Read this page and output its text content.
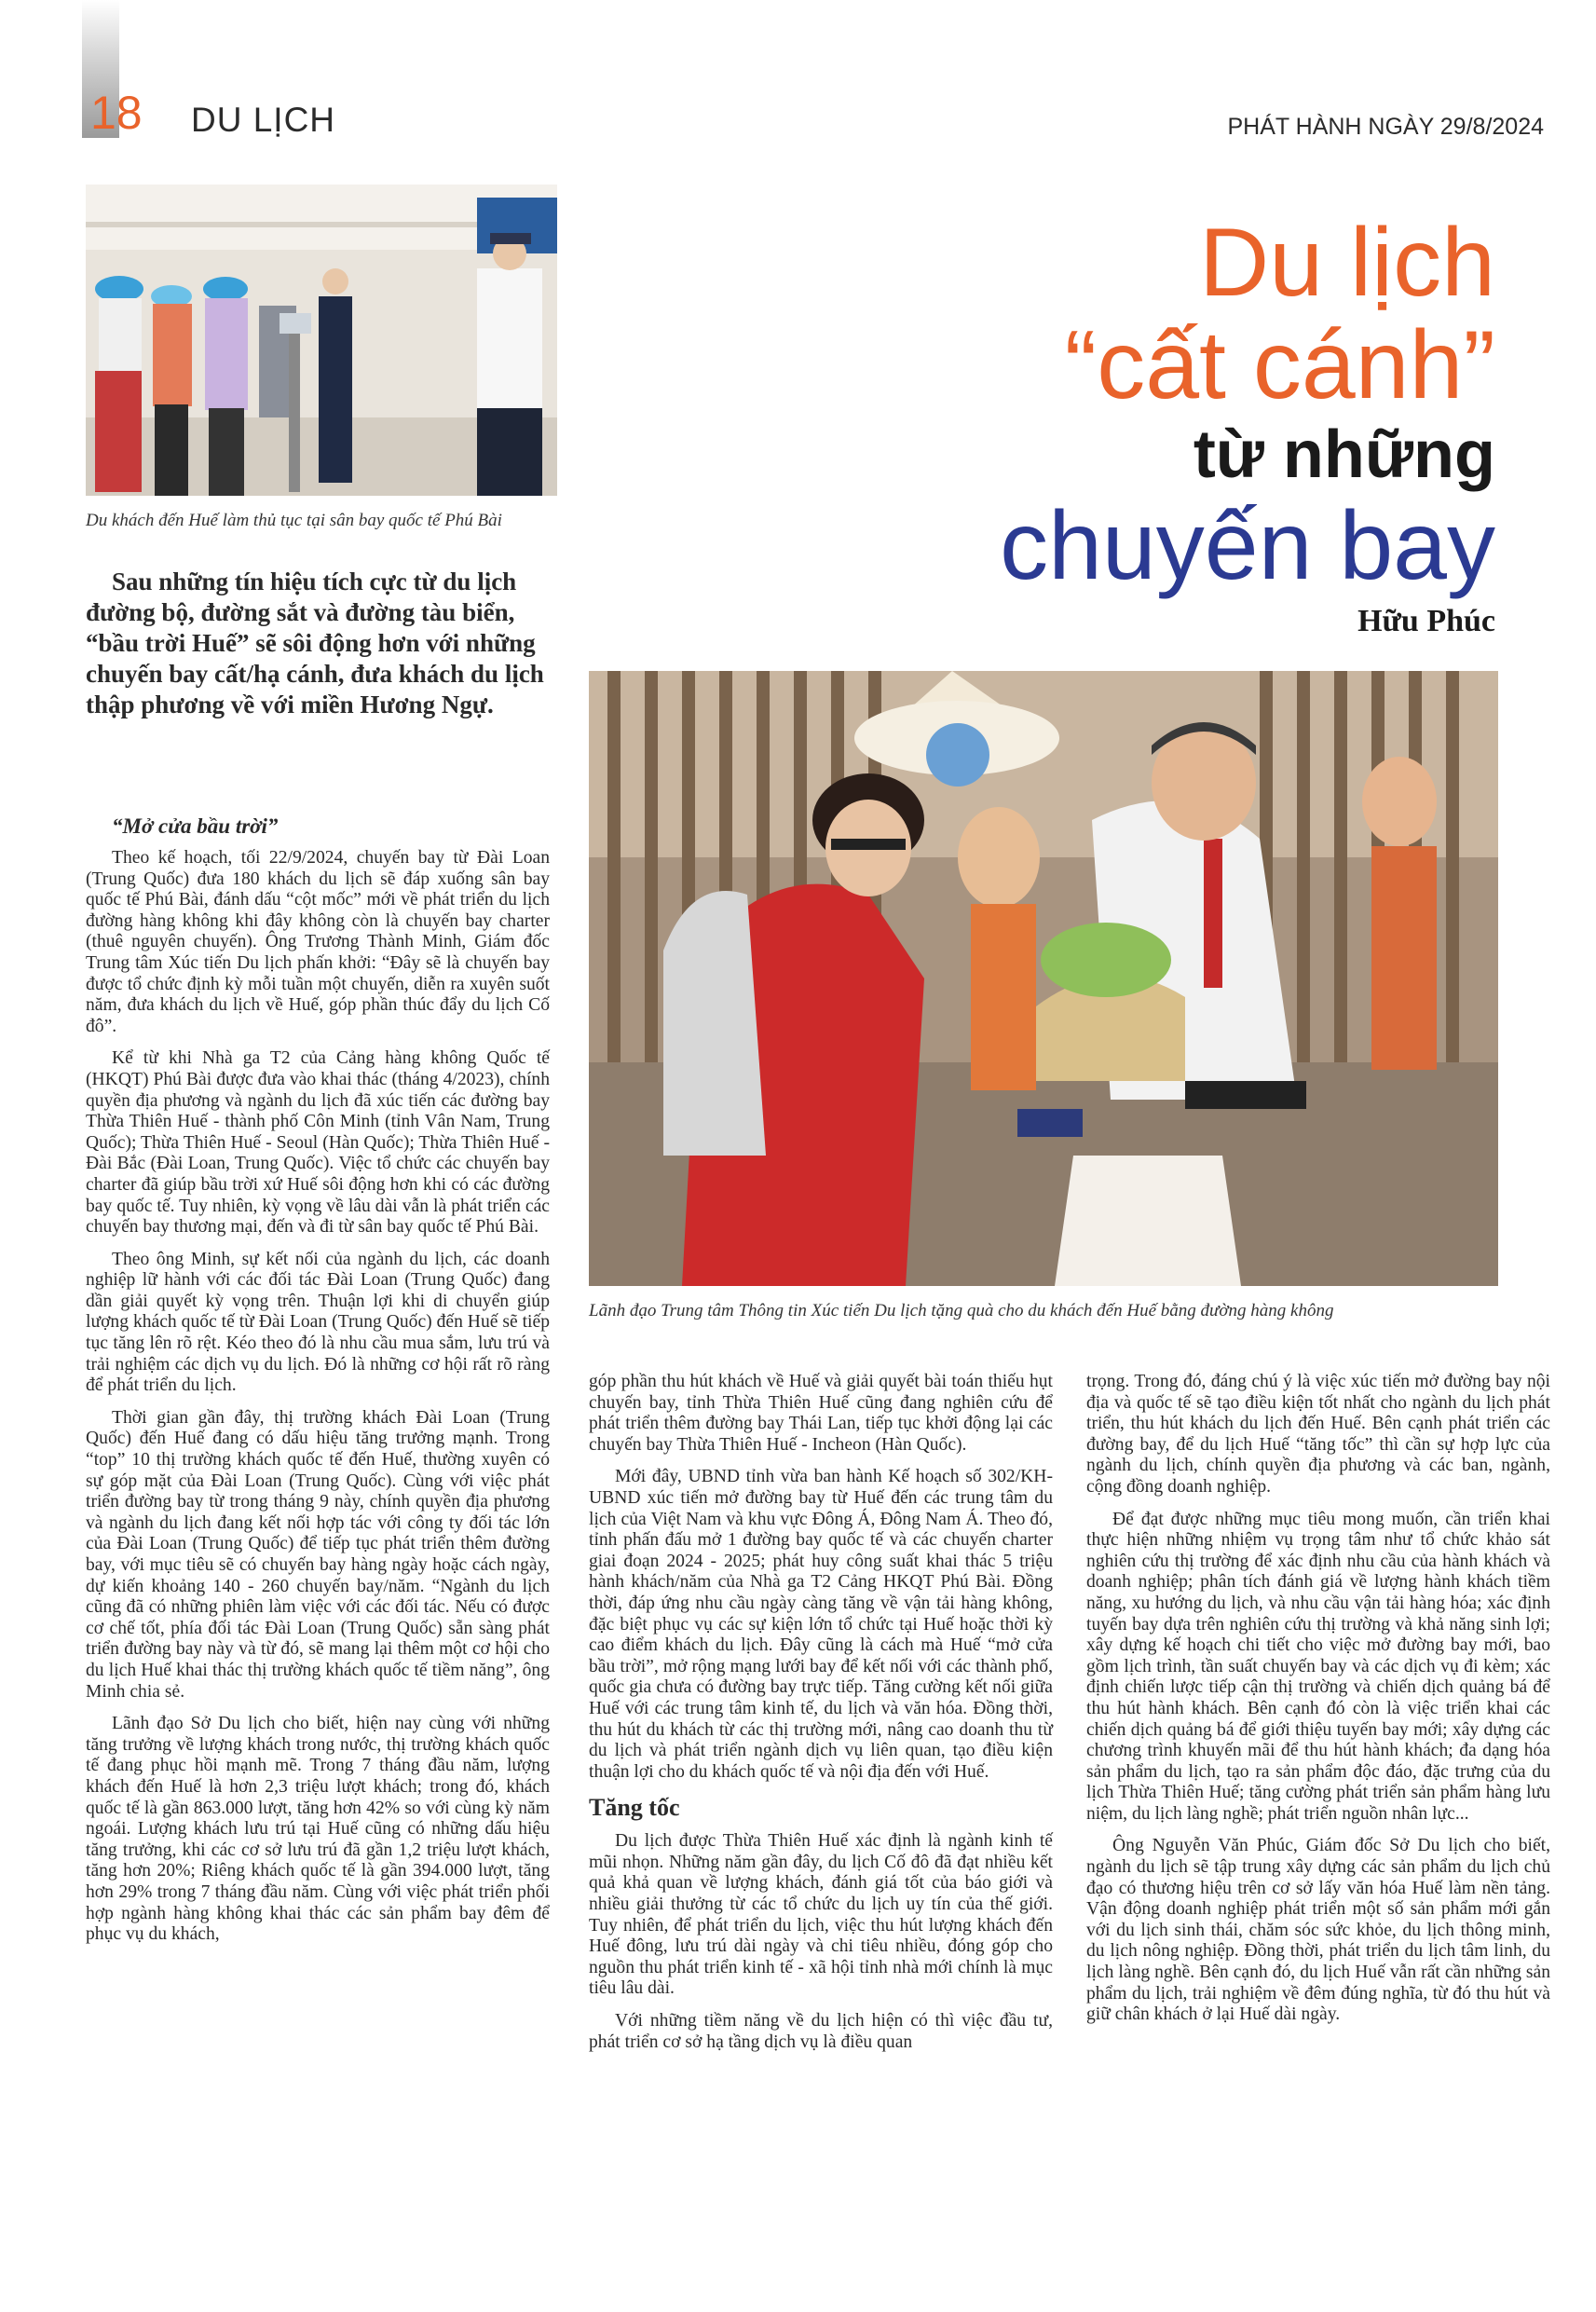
18 DU LỊCH	PHÁT HÀNH NGÀY 29/8/2024
Du khách đến Huế làm thủ tục tại sân bay quốc tế Phú Bài
Du lịch
“cất cánh”
từ những
chuyến bay
Hữu Phúc

Sau những tín hiệu tích cực từ du lịch đường bộ, đường sắt và đường tàu biển, “bầu trời Huế” sẽ sôi động hơn với những chuyến bay cất/hạ cánh, đưa khách du lịch thập phương về với miền Hương Ngự.

Lãnh đạo Trung tâm Thông tin Xúc tiến Du lịch tặng quà cho du khách đến Huế bằng đường hàng không
“Mở cửa bầu trời”

Theo kế hoạch, tối 22/9/2024, chuyến bay từ Đài Loan (Trung Quốc) đưa 180 khách du lịch sẽ đáp xuống sân bay quốc tế Phú Bài, đánh dấu “cột mốc” mới về phát triển du lịch đường hàng không khi đây không còn là chuyến bay charter (thuê nguyên chuyến). Ông Trương Thành Minh, Giám đốc Trung tâm Xúc tiến Du lịch phấn khởi: “Đây sẽ là chuyến bay được tổ chức định kỳ mỗi tuần một chuyến, diễn ra xuyên suốt năm, đưa khách du lịch về Huế, góp phần thúc đẩy du lịch Cố đô”.

Kể từ khi Nhà ga T2 của Cảng hàng không Quốc tế (HKQT) Phú Bài được đưa vào khai thác (tháng 4/2023), chính quyền địa phương và ngành du lịch đã xúc tiến các đường bay Thừa Thiên Huế - thành phố Côn Minh (tỉnh Vân Nam, Trung Quốc); Thừa Thiên Huế - Seoul (Hàn Quốc); Thừa Thiên Huế - Đài Bắc (Đài Loan, Trung Quốc). Việc tổ chức các chuyến bay charter đã giúp bầu trời xứ Huế sôi động hơn khi có các đường bay quốc tế. Tuy nhiên, kỳ vọng về lâu dài vẫn là phát triển các chuyến bay thương mại, đến và đi từ sân bay quốc tế Phú Bài.

Theo ông Minh, sự kết nối của ngành du lịch, các doanh nghiệp lữ hành với các đối tác Đài Loan (Trung Quốc) đang dần giải quyết kỳ vọng trên. Thuận lợi khi di chuyển giúp lượng khách quốc tế từ Đài Loan (Trung Quốc) đến Huế sẽ tiếp tục tăng lên rõ rệt. Kéo theo đó là nhu cầu mua sắm, lưu trú và trải nghiệm các dịch vụ du lịch. Đó là những cơ hội rất rõ ràng để phát triển du lịch.

Thời gian gần đây, thị trường khách Đài Loan (Trung Quốc) đến Huế đang có dấu hiệu tăng trưởng mạnh. Trong “top” 10 thị trường khách quốc tế đến Huế, thường xuyên có sự góp mặt của Đài Loan (Trung Quốc). Cùng với việc phát triển đường bay từ trong tháng 9 này, chính quyền địa phương và ngành du lịch đang kết nối hợp tác với công ty đối tác lớn của Đài Loan (Trung Quốc) để tiếp tục phát triển thêm đường bay, với mục tiêu sẽ có chuyến bay hàng ngày hoặc cách ngày, dự kiến khoảng 140 - 260 chuyến bay/năm. “Ngành du lịch cũng đã có những phiên làm việc với các đối tác. Nếu có được cơ chế tốt, phía đối tác Đài Loan (Trung Quốc) sẵn sàng phát triển đường bay này và từ đó, sẽ mang lại thêm một cơ hội cho du lịch Huế khai thác thị trường khách quốc tế tiềm năng”, ông Minh chia sẻ.

Lãnh đạo Sở Du lịch cho biết, hiện nay cùng với những tăng trưởng về lượng khách trong nước, thị trường khách quốc tế đang phục hồi mạnh mẽ. Trong 7 tháng đầu năm, lượng khách đến Huế là hơn 2,3 triệu lượt khách; trong đó, khách quốc tế là gần 863.000 lượt, tăng hơn 42% so với cùng kỳ năm ngoái. Lượng khách lưu trú tại Huế cũng có những dấu hiệu tăng trưởng, khi các cơ sở lưu trú đã gần 1,2 triệu lượt khách, tăng hơn 20%; Riêng khách quốc tế là gần 394.000 lượt, tăng hơn 29% trong 7 tháng đầu năm. Cùng với việc phát triển phối hợp ngành hàng không khai thác các sản phẩm bay đêm để phục vụ du khách,

góp phần thu hút khách về Huế và giải quyết bài toán thiếu hụt chuyến bay, tỉnh Thừa Thiên Huế cũng đang nghiên cứu để phát triển thêm đường bay Thái Lan, tiếp tục khởi động lại các chuyến bay Thừa Thiên Huế - Incheon (Hàn Quốc).

Mới đây, UBND tỉnh vừa ban hành Kế hoạch số 302/KH-UBND xúc tiến mở đường bay từ Huế đến các trung tâm du lịch của Việt Nam và khu vực Đông Á, Đông Nam Á. Theo đó, tỉnh phấn đấu mở 1 đường bay quốc tế và các chuyến charter giai đoạn 2024 - 2025; phát huy công suất khai thác 5 triệu hành khách/năm của Nhà ga T2 Cảng HKQT Phú Bài. Đồng thời, đáp ứng nhu cầu ngày càng tăng về vận tải hàng không, đặc biệt phục vụ các sự kiện lớn tổ chức tại Huế hoặc thời kỳ cao điểm khách du lịch. Đây cũng là cách mà Huế “mở cửa bầu trời”, mở rộng mạng lưới bay để kết nối với các thành phố, quốc gia chưa có đường bay trực tiếp. Tăng cường kết nối giữa Huế với các trung tâm kinh tế, du lịch và văn hóa. Đồng thời, thu hút du khách từ các thị trường mới, nâng cao doanh thu từ du lịch và phát triển ngành dịch vụ liên quan, tạo điều kiện thuận lợi cho du khách quốc tế và nội địa đến với Huế.

Tăng tốc

Du lịch được Thừa Thiên Huế xác định là ngành kinh tế mũi nhọn. Những năm gần đây, du lịch Cố đô đã đạt nhiều kết quả khả quan về lượng khách, đánh giá tốt của báo giới và nhiều giải thưởng từ các tổ chức du lịch uy tín của thế giới. Tuy nhiên, để phát triển du lịch, việc thu hút lượng khách đến Huế đông, lưu trú dài ngày và chi tiêu nhiều, đóng góp cho nguồn thu phát triển kinh tế - xã hội tỉnh nhà mới chính là mục tiêu lâu dài.

Với những tiềm năng về du lịch hiện có thì việc đầu tư, phát triển cơ sở hạ tầng dịch vụ là điều quan

trọng. Trong đó, đáng chú ý là việc xúc tiến mở đường bay nội địa và quốc tế sẽ tạo điều kiện tốt nhất cho ngành du lịch phát triển, thu hút khách du lịch đến Huế. Bên cạnh phát triển các đường bay, để du lịch Huế “tăng tốc” thì cần sự hợp lực của ngành du lịch, chính quyền địa phương và các ban, ngành, cộng đồng doanh nghiệp.

Để đạt được những mục tiêu mong muốn, cần triển khai thực hiện những nhiệm vụ trọng tâm như tổ chức khảo sát nghiên cứu thị trường để xác định nhu cầu của hành khách và doanh nghiệp; phân tích đánh giá về lượng hành khách tiềm năng, xu hướng du lịch, và nhu cầu vận tải hàng hóa; xác định tuyến bay dựa trên nghiên cứu thị trường và khả năng sinh lợi; xây dựng kế hoạch chi tiết cho việc mở đường bay mới, bao gồm lịch trình, tần suất chuyến bay và các dịch vụ đi kèm; xác định chiến lược tiếp cận thị trường và chiến dịch quảng bá để thu hút hành khách. Bên cạnh đó còn là việc triển khai các chiến dịch quảng bá để giới thiệu tuyến bay mới; xây dựng các chương trình khuyến mãi để thu hút hành khách; đa dạng hóa sản phẩm du lịch, tạo ra sản phẩm độc đáo, đặc trưng của du lịch Thừa Thiên Huế; tăng cường phát triển sản phẩm hàng lưu niệm, du lịch làng nghề; phát triển nguồn nhân lực...

Ông Nguyễn Văn Phúc, Giám đốc Sở Du lịch cho biết, ngành du lịch sẽ tập trung xây dựng các sản phẩm du lịch chủ đạo có thương hiệu trên cơ sở lấy văn hóa Huế làm nền tảng. Vận động doanh nghiệp phát triển một số sản phẩm mới gắn với du lịch sinh thái, chăm sóc sức khỏe, du lịch thông minh, du lịch nông nghiệp. Đồng thời, phát triển du lịch tâm linh, du lịch làng nghề. Bên cạnh đó, du lịch Huế vẫn rất cần những sản phẩm du lịch, trải nghiệm về đêm đúng nghĩa, từ đó thu hút và giữ chân khách ở lại Huế dài ngày.
